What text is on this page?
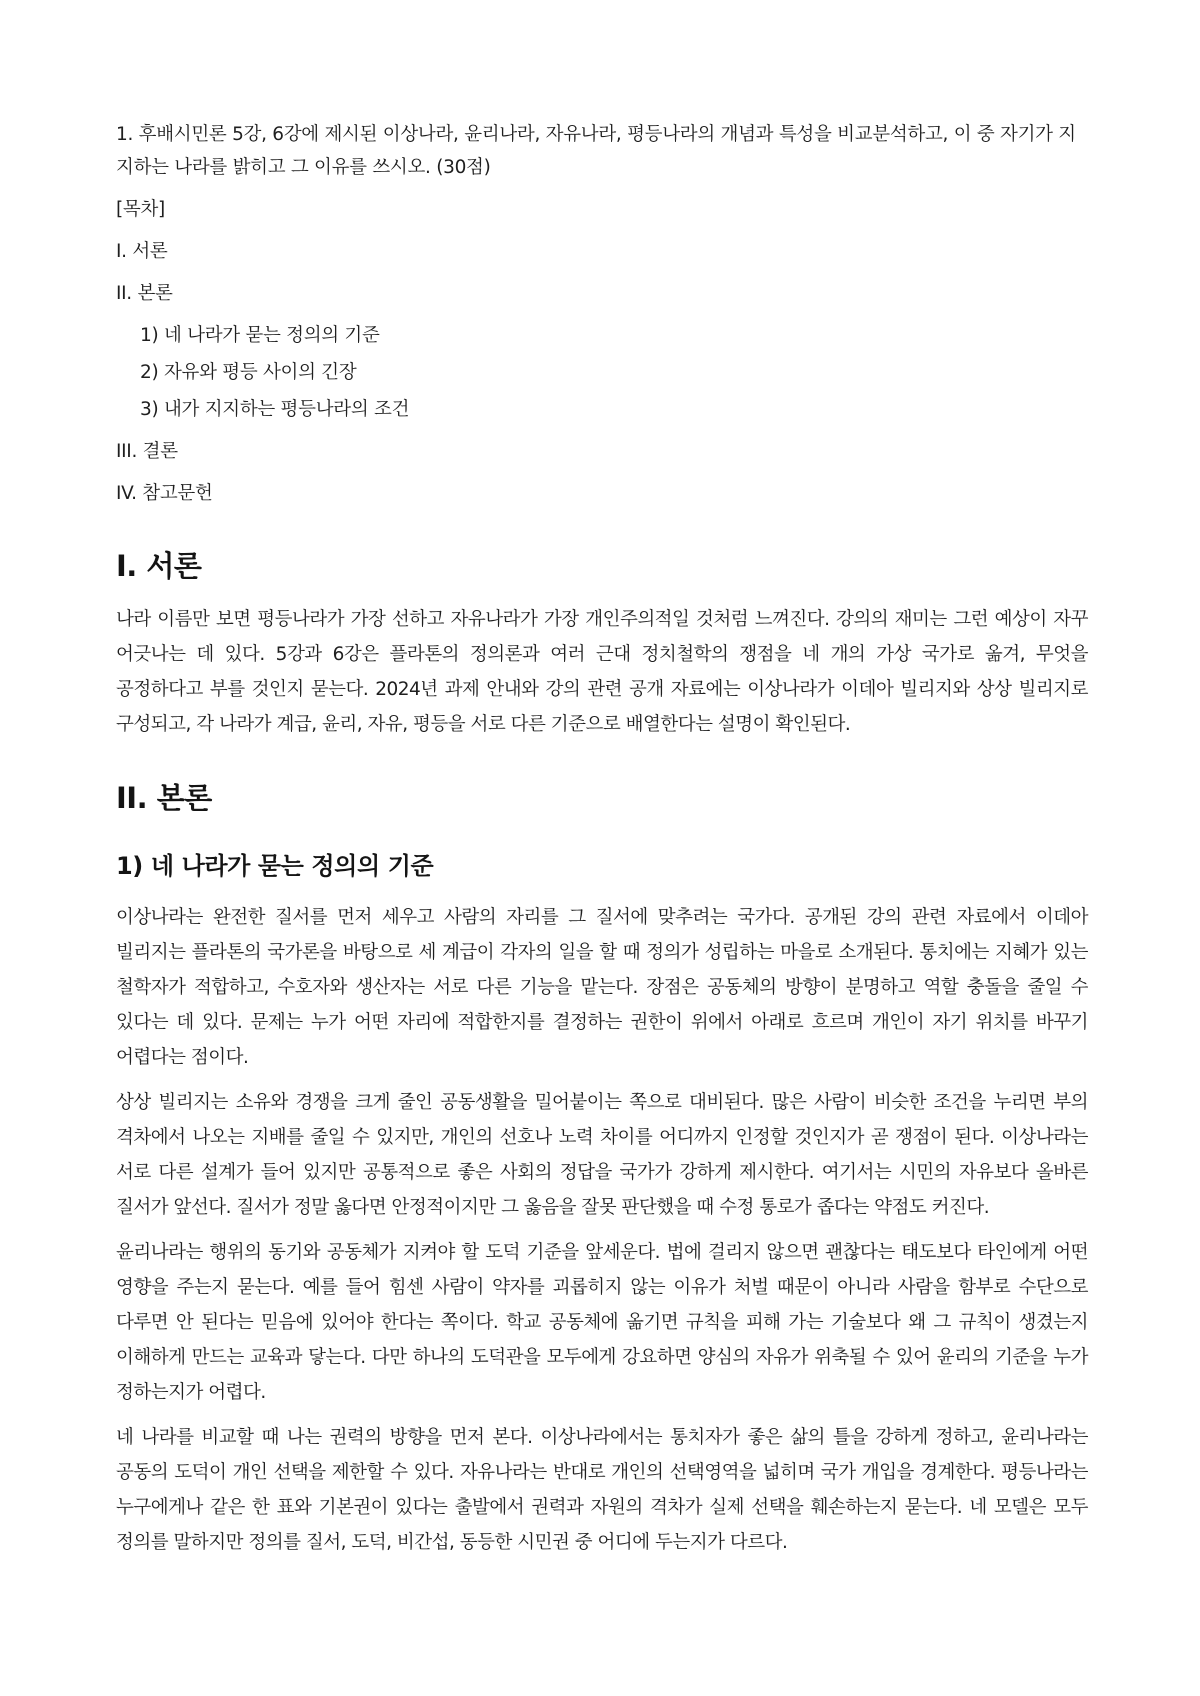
1. 후배시민론 5강, 6강에 제시된 이상나라, 윤리나라, 자유나라, 평등나라의 개념과 특성을 비교분석하고, 이 중 자기가 지지하는 나라를 밝히고 그 이유를 쓰시오. (30점)

[목차]

I. 서론

II. 본론

1) 네 나라가 묻는 정의의 기준

2) 자유와 평등 사이의 긴장

3) 내가 지지하는 평등나라의 조건

III. 결론

IV. 참고문헌

I. 서론

나라 이름만 보면 평등나라가 가장 선하고 자유나라가 가장 개인주의적일 것처럼 느껴진다. 강의의 재미는 그런 예상이 자꾸 어긋나는 데 있다. 5강과 6강은 플라톤의 정의론과 여러 근대 정치철학의 쟁점을 네 개의 가상 국가로 옮겨, 무엇을 공정하다고 부를 것인지 묻는다. 2024년 과제 안내와 강의 관련 공개 자료에는 이상나라가 이데아 빌리지와 상상 빌리지로 구성되고, 각 나라가 계급, 윤리, 자유, 평등을 서로 다른 기준으로 배열한다는 설명이 확인된다.

II. 본론
1) 네 나라가 묻는 정의의 기준

이상나라는 완전한 질서를 먼저 세우고 사람의 자리를 그 질서에 맞추려는 국가다. 공개된 강의 관련 자료에서 이데아 빌리지는 플라톤의 국가론을 바탕으로 세 계급이 각자의 일을 할 때 정의가 성립하는 마을로 소개된다. 통치에는 지혜가 있는 철학자가 적합하고, 수호자와 생산자는 서로 다른 기능을 맡는다. 장점은 공동체의 방향이 분명하고 역할 충돌을 줄일 수 있다는 데 있다. 문제는 누가 어떤 자리에 적합한지를 결정하는 권한이 위에서 아래로 흐르며 개인이 자기 위치를 바꾸기 어렵다는 점이다.

상상 빌리지는 소유와 경쟁을 크게 줄인 공동생활을 밀어붙이는 쪽으로 대비된다. 많은 사람이 비슷한 조건을 누리면 부의 격차에서 나오는 지배를 줄일 수 있지만, 개인의 선호나 노력 차이를 어디까지 인정할 것인지가 곧 쟁점이 된다. 이상나라는 서로 다른 설계가 들어 있지만 공통적으로 좋은 사회의 정답을 국가가 강하게 제시한다. 여기서는 시민의 자유보다 올바른 질서가 앞선다. 질서가 정말 옳다면 안정적이지만 그 옳음을 잘못 판단했을 때 수정 통로가 좁다는 약점도 커진다.

윤리나라는 행위의 동기와 공동체가 지켜야 할 도덕 기준을 앞세운다. 법에 걸리지 않으면 괜찮다는 태도보다 타인에게 어떤 영향을 주는지 묻는다. 예를 들어 힘센 사람이 약자를 괴롭히지 않는 이유가 처벌 때문이 아니라 사람을 함부로 수단으로 다루면 안 된다는 믿음에 있어야 한다는 쪽이다. 학교 공동체에 옮기면 규칙을 피해 가는 기술보다 왜 그 규칙이 생겼는지 이해하게 만드는 교육과 닿는다. 다만 하나의 도덕관을 모두에게 강요하면 양심의 자유가 위축될 수 있어 윤리의 기준을 누가 정하는지가 어렵다.

네 나라를 비교할 때 나는 권력의 방향을 먼저 본다. 이상나라에서는 통치자가 좋은 삶의 틀을 강하게 정하고, 윤리나라는 공동의 도덕이 개인 선택을 제한할 수 있다. 자유나라는 반대로 개인의 선택영역을 넓히며 국가 개입을 경계한다. 평등나라는 누구에게나 같은 한 표와 기본권이 있다는 출발에서 권력과 자원의 격차가 실제 선택을 훼손하는지 묻는다. 네 모델은 모두 정의를 말하지만 정의를 질서, 도덕, 비간섭, 동등한 시민권 중 어디에 두는지가 다르다.
